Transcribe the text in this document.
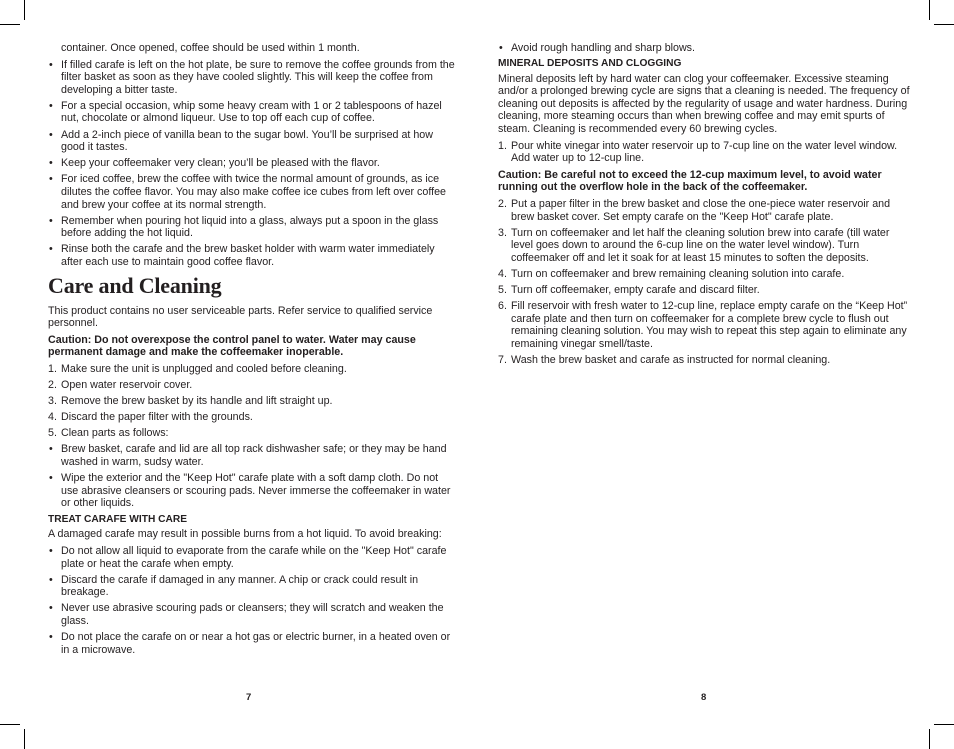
container. Once opened, coffee should be used within 1 month.

• If filled carafe is left on the hot plate, be sure to remove the coffee grounds from the filter basket as soon as they have cooled slightly. This will keep the coffee from developing a bitter taste.
• For a special occasion, whip some heavy cream with 1 or 2 tablespoons of hazel nut, chocolate or almond liqueur. Use to top off each cup of coffee.
• Add a 2-inch piece of vanilla bean to the sugar bowl. You’ll be surprised at how good it tastes.
• Keep your coffeemaker very clean; you’ll be pleased with the flavor.
• For iced coffee, brew the coffee with twice the normal amount of grounds, as ice dilutes the coffee flavor. You may also make coffee ice cubes from left over coffee and brew your coffee at its normal strength.
• Remember when pouring hot liquid into a glass, always put a spoon in the glass before adding the hot liquid.
• Rinse both the carafe and the brew basket holder with warm water immediately after each use to maintain good coffee flavor.
Care and Cleaning

This product contains no user serviceable parts. Refer service to qualified service personnel.

Caution: Do not overexpose the control panel to water. Water may cause permanent damage and make the coffeemaker inoperable.

1. Make sure the unit is unplugged and cooled before cleaning.
2. Open water reservoir cover.
3. Remove the brew basket by its handle and lift straight up.
4. Discard the paper filter with the grounds.
5. Clean parts as follows:
• Brew basket, carafe and lid are all top rack dishwasher safe; or they may be hand washed in warm, sudsy water.
• Wipe the exterior and the "Keep Hot" carafe plate with a soft damp cloth. Do not use abrasive cleansers or scouring pads. Never immerse the coffeemaker in water or other liquids.
TREAT CARAFE WITH CARE

A damaged carafe may result in possible burns from a hot liquid. To avoid breaking:

• Do not allow all liquid to evaporate from the carafe while on the "Keep Hot" carafe plate or heat the carafe when empty.
• Discard the carafe if damaged in any manner. A chip or crack could result in breakage.
• Never use abrasive scouring pads or cleansers; they will scratch and weaken the glass.
• Do not place the carafe on or near a hot gas or electric burner, in a heated oven or in a microwave.
7
• Avoid rough handling and sharp blows.
MINERAL DEPOSITS AND CLOGGING

Mineral deposits left by hard water can clog your coffeemaker. Excessive steaming and/or a prolonged brewing cycle are signs that a cleaning is needed. The frequency of cleaning out deposits is affected by the regularity of usage and water hardness. During cleaning, more steaming occurs than when brewing coffee and may emit spurts of steam. Cleaning is recommended every 60 brewing cycles.

1. Pour white vinegar into water reservoir up to 7-cup line on the water level window. Add water up to 12-cup line.

Caution: Be careful not to exceed the 12-cup maximum level, to avoid water running out the overflow hole in the back of the coffeemaker.

2. Put a paper filter in the brew basket and close the one-piece water reservoir and brew basket cover. Set empty carafe on the "Keep Hot" carafe plate.
3. Turn on coffeemaker and let half the cleaning solution brew into carafe (till water level goes down to around the 6-cup line on the water level window). Turn coffeemaker off and let it soak for at least 15 minutes to soften the deposits.
4. Turn on coffeemaker and brew remaining cleaning solution into carafe.
5. Turn off coffeemaker, empty carafe and discard filter.
6. Fill reservoir with fresh water to 12-cup line, replace empty carafe on the “Keep Hot” carafe plate and then turn on coffeemaker for a complete brew cycle to flush out remaining cleaning solution. You may wish to repeat this step again to eliminate any remaining vinegar smell/taste.
7. Wash the brew basket and carafe as instructed for normal cleaning.
8
